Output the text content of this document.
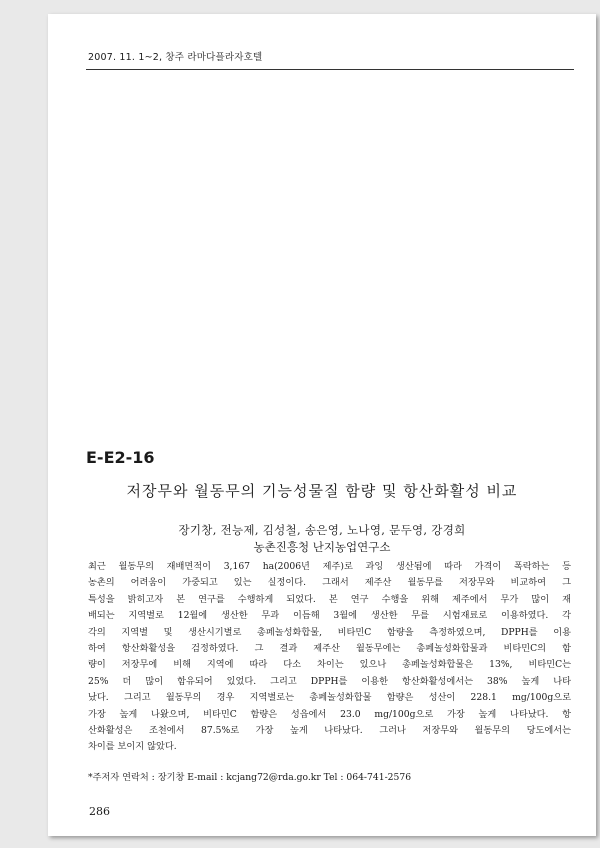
2007. 11. 1~2, 창주 라마다플라자호텔
E-E2-16
저장무와 월동무의 기능성물질 함량 및 항산화활성 비교
장기창, 전능제, 김성철, 송은영, 노나영, 문두영, 강경희
농촌진흥청 난지농업연구소
최근 월동무의 재배면적이 3,167 ha(2006년 제주)로 과잉 생산됨에 따라 가격이 폭락하는 등
농촌의 어려움이 가중되고 있는 실정이다. 그래서 제주산 월동무를 저장무와 비교하여 그
특성을 밝히고자 본 연구를 수행하게 되었다. 본 연구 수행을 위해 제주에서 무가 많이 재
배되는 지역별로 12월에 생산한 무과 이듬해 3월에 생산한 무를 시험재료로 이용하였다. 각
각의 지역별 및 생산시기별로 총페놀성화합물, 비타민C 함량을 측정하였으며, DPPH를 이용
하여 항산화활성을 검정하였다. 그 결과 제주산 월동무에는 총페놀성화합물과 비타민C의 함
량이 저장무에 비해 지역에 따라 다소 차이는 있으나 총페놀성화합물은 13%, 비타민C는
25% 더 많이 함유되어 있었다. 그리고 DPPH를 이용한 항산화활성에서는 38% 높게 나타
났다. 그리고 월동무의 경우 지역별로는 총페놀성화합물 함량은 성산이 228.1 mg/100g으로
가장 높게 나왔으며, 비타민C 함량은 성읍에서 23.0 mg/100g으로 가장 높게 나타났다. 항
산화활성은 조천에서 87.5%로 가장 높게 나타났다. 그러나 저장무와 월동무의 당도에서는
차이를 보이지 않았다.
*주저자 연락처 : 장기창 E-mail : kcjang72@rda.go.kr Tel : 064-741-2576
286
